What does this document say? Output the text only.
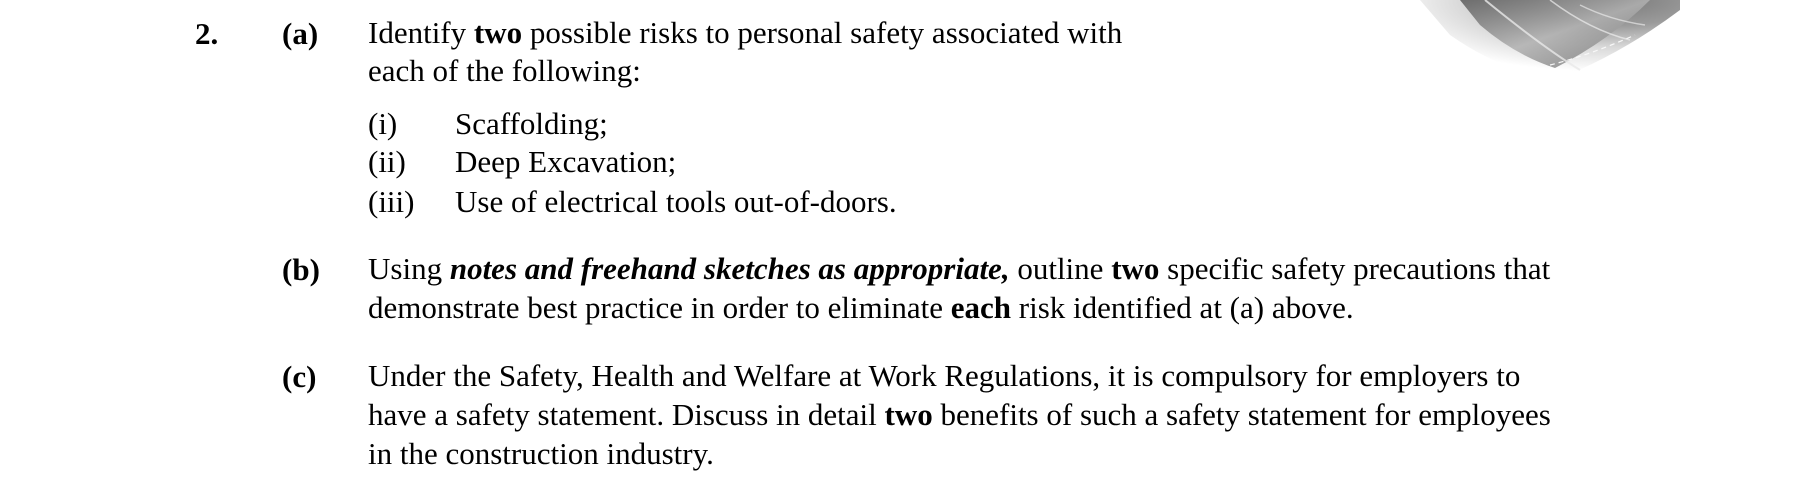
2. (a) Identify two possible risks to personal safety associated with
each of the following:
(i) Scaffolding;
(ii) Deep Excavation;
(iii) Use of electrical tools out-of-doors.
(b) Using notes and freehand sketches as appropriate, outline two specific safety precautions that
demonstrate best practice in order to eliminate each risk identified at (a) above.
(c) Under the Safety, Health and Welfare at Work Regulations, it is compulsory for employers to
have a safety statement. Discuss in detail two benefits of such a safety statement for employees
in the construction industry.
